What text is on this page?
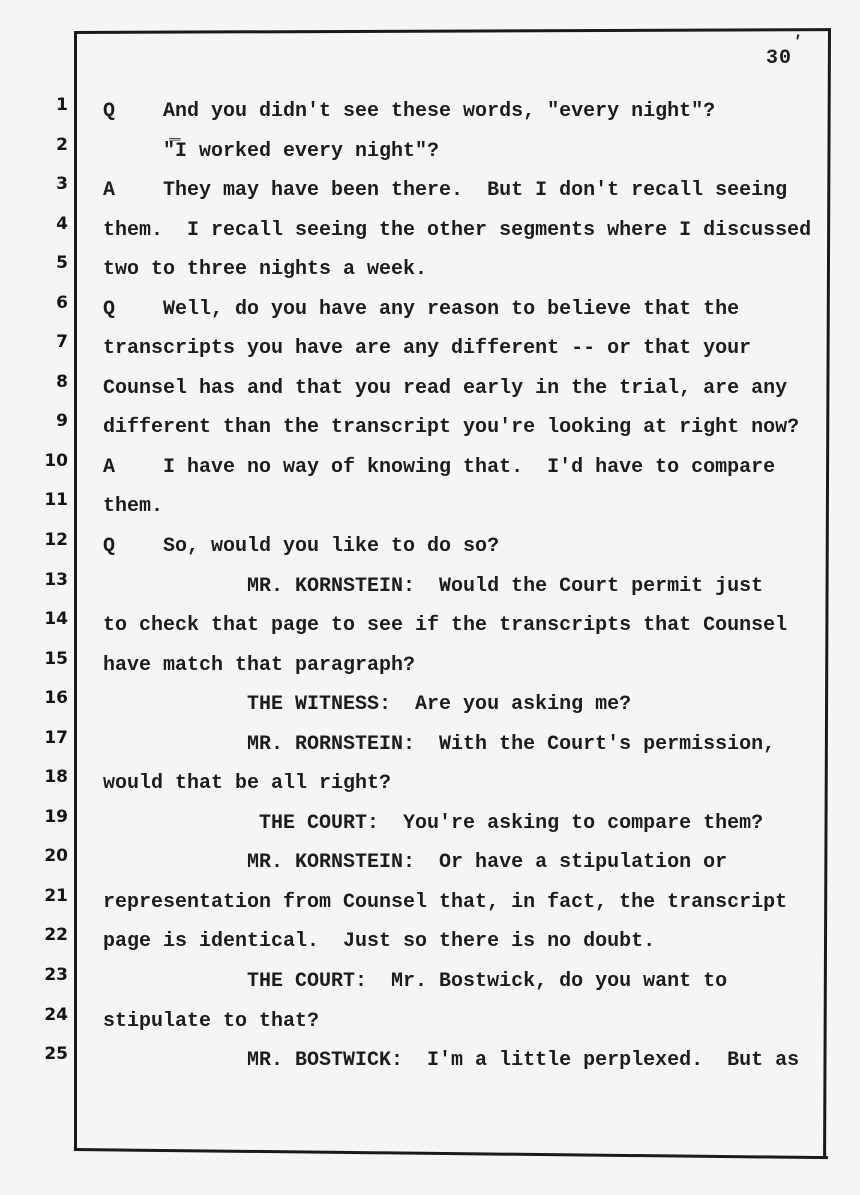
30
'
1
2
3
4
5
6
7
8
9
10
11
12
13
14
15
16
17
18
19
20
21
22
23
24
25
Q    And you didn't see these words, "every night"?
"̿I worked every night"?
A    They may have been there.  But I don't recall seeing
them.  I recall seeing the other segments where I discussed
two to three nights a week.
Q    Well, do you have any reason to believe that the
transcripts you have are any different -- or that your
Counsel has and that you read early in the trial, are any
different than the transcript you're looking at right now?
A    I have no way of knowing that.  I'd have to compare
them.
Q    So, would you like to do so?
MR. KORNSTEIN:  Would the Court permit just
to check that page to see if the transcripts that Counsel
have match that paragraph?
THE WITNESS:  Are you asking me?
MR. RORNSTEIN:  With the Court's permission,
would that be all right?
THE COURT:  You're asking to compare them?
MR. KORNSTEIN:  Or have a stipulation or
representation from Counsel that, in fact, the transcript
page is identical.  Just so there is no doubt.
THE COURT:  Mr. Bostwick, do you want to
stipulate to that?
MR. BOSTWICK:  I'm a little perplexed.  But as
